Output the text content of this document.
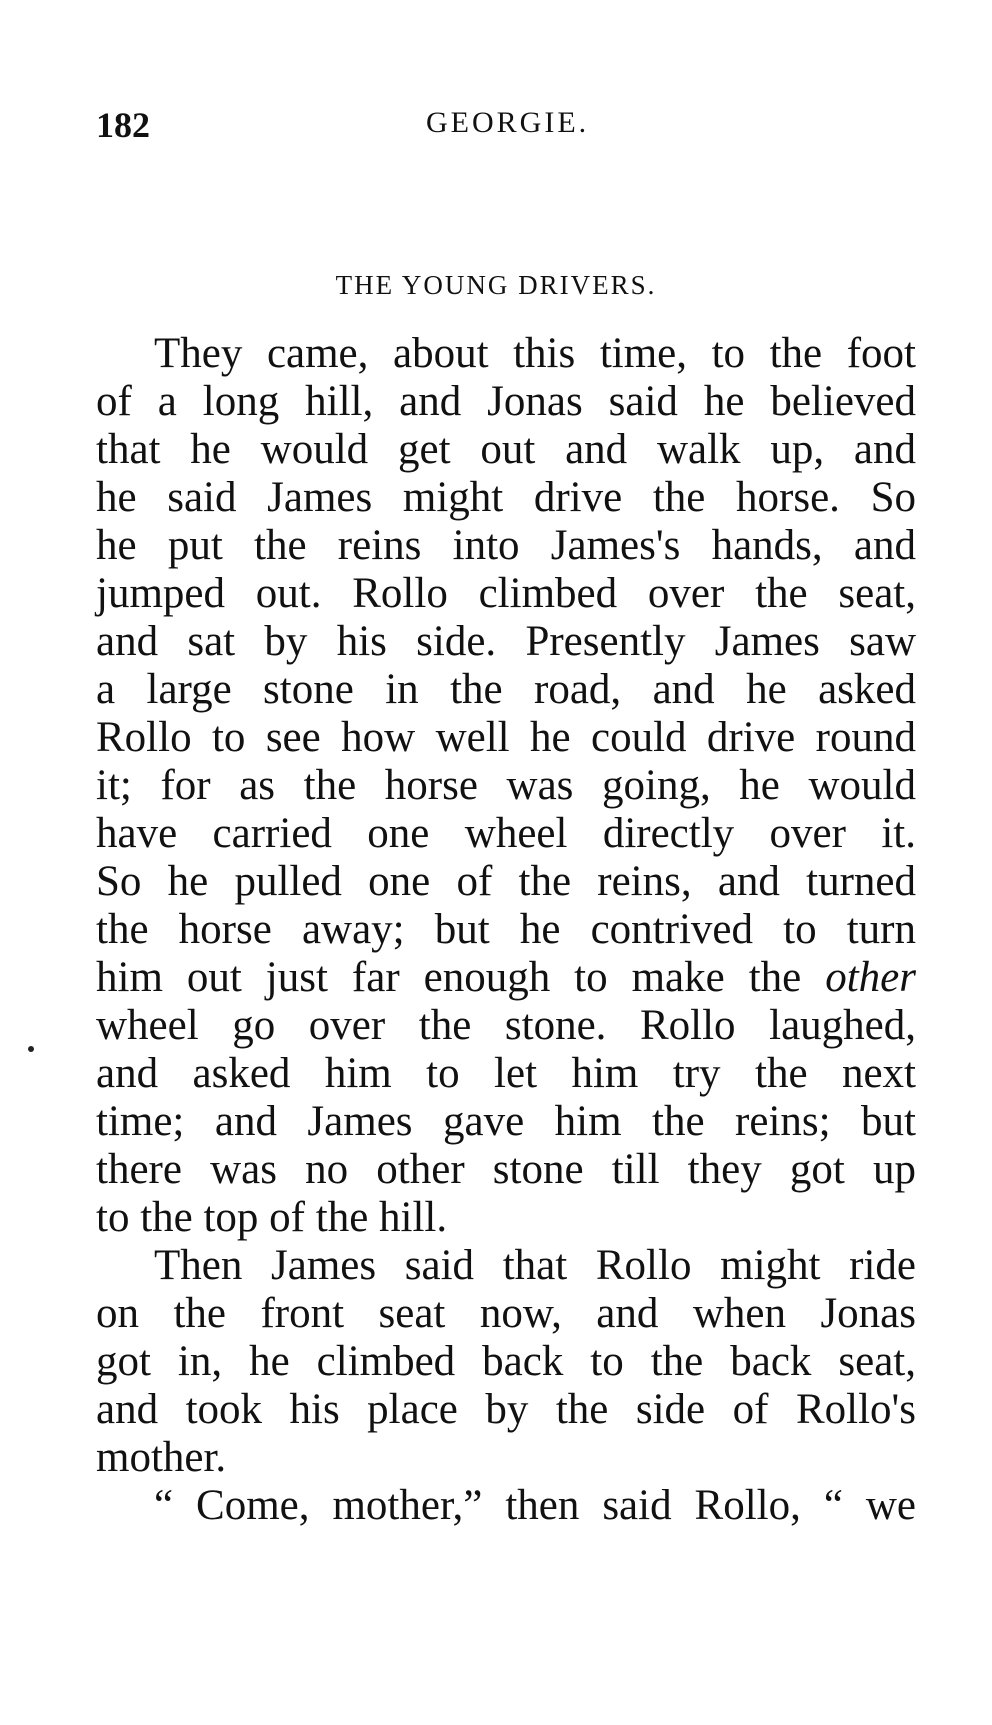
182	GEORGIE.
THE YOUNG DRIVERS.
They came, about this time, to the foot
of a long hill, and Jonas said he believed
that he would get out and walk up, and
he said James might drive the horse. So
he put the reins into James's hands, and
jumped out. Rollo climbed over the seat,
and sat by his side. Presently James saw
a large stone in the road, and he asked
Rollo to see how well he could drive round
it; for as the horse was going, he would
have carried one wheel directly over it.
So he pulled one of the reins, and turned
the horse away; but he contrived to turn
him out just far enough to make the other
wheel go over the stone. Rollo laughed,
and asked him to let him try the next
time; and James gave him the reins; but
there was no other stone till they got up
to the top of the hill.
Then James said that Rollo might ride
on the front seat now, and when Jonas
got in, he climbed back to the back seat,
and took his place by the side of Rollo's
mother.
“ Come, mother,” then said Rollo, “ we
